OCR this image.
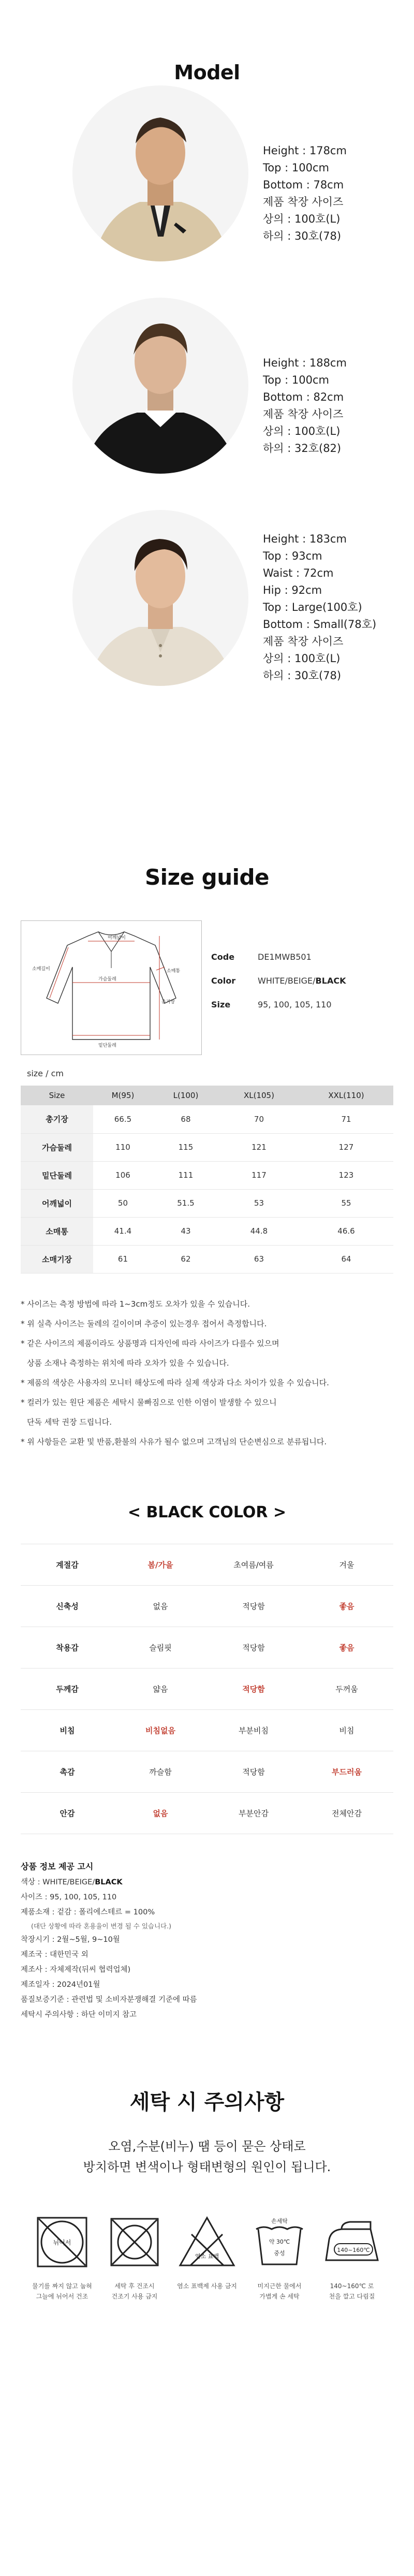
Model
Height : 178cm
Top : 100cm
Bottom : 78cm
제품 착장 사이즈
상의 : 100호(L)
하의 : 30호(78)
Height : 188cm
Top : 100cm
Bottom : 82cm
제품 착장 사이즈
상의 : 100호(L)
하의 : 32호(82)
Height : 183cm
Top : 93cm
Waist : 72cm
Hip : 92cm
Top : Large(100호)
Bottom : Small(78호)
제품 착장 사이즈
상의 : 100호(L)
하의 : 30호(78)
Size guide
어깨넓이
소매길이
가슴둘레
소매통
밑단둘레
총기장
Code	DE1MWB501
Color	WHITE/BEIGE/BLACK
Size	95, 100, 105, 110
size / cm
Size	M(95)	L(100)	XL(105)	XXL(110)
총기장	66.5	68	70	71
가슴둘레	110	115	121	127
밑단둘레	106	111	117	123
어깨넓이	50	51.5	53	55
소매통	41.4	43	44.8	46.6
소매기장	61	62	63	64
* 사이즈는 측정 방법에 따라 1~3cm정도 오차가 있을 수 있습니다.
* 위 실측 사이즈는 둘레의 길이이며 추증이 있는경우 접어서 측정합니다.
* 같은 사이즈의 제품이라도 상품명과 디자인에 따라 사이즈가 다를수 있으며
상품 소재나 측정하는 위치에 따라 오차가 있을 수 있습니다.
* 제품의 색상은 사용자의 모니터 해상도에 따라 실제 색상과 다소 차이가 있을 수 있습니다.
* 컬러가 있는 원단 제품은 세탁시 물빠짐으로 인한 이염이 발생할 수 있으니
단독 세탁 권장 드립니다.
* 위 사항들은 교환 및 반품,환불의 사유가 될수 없으며 고객님의 단순변심으로 분류됩니다.
< BLACK COLOR >
계절감	봄/가을	초여름/여름	겨울
신축성	없음	적당함	좋음
착용감	슬림핏	적당함	좋음
두께감	얇음	적당함	두꺼움
비침	비침없음	부분비침	비침
촉감	까슬함	적당함	부드러움
안감	없음	부분안감	전체안감
상품 정보 제공 고시
색상 : WHITE/BEIGE/BLACK
사이즈 : 95, 100, 105, 110
제품소재 : 겉감 : 폴리에스테르 = 100%
(대단 상황에 따라 혼용율이 변경 될 수 있습니다.)
착장시기 : 2월~5월, 9~10월
제조국 : 대한민국 외
제조사 : 자체제작(뒤씨 협력업체)
제조일자 : 2024년01월
품질보증기준 : 관련법 및 소비자분쟁해결 기준에 따름
세탁시 주의사항 : 하단 이미지 참고
세탁 시 주의사항
오염,수분(비누) 땜 등이 묻은 상태로
방치하면 변색이나 형태변형의 원인이 됩니다.
뉘어서
물기를 짜지 않고 눕혀
그늘에 뉘어서 건조
세탁 후 건조시
건조기 사용 금지
염소 표백
염소 표백제 사용 금지
손세탁
약 30℃
중성
미지근한 물에서
가볍게 손 세탁
140~160℃
140~160℃ 로
천을 깔고 다림질
